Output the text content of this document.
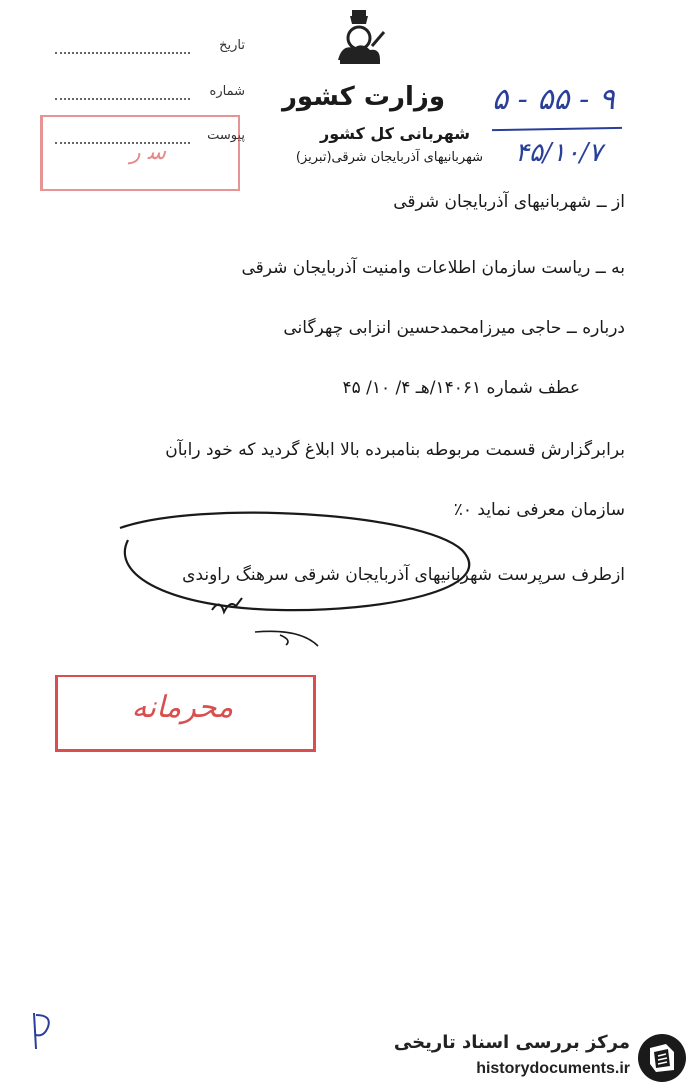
تاریخ
شماره
پیوست
وزارت کشور
شهربانی کل کشور
شهربانیهای آذربایجان شرقی(تبریز)
۵ - ۵۵ - ۹
۴۵/۱۰/۷
ﺳ ﺭ
از ــ شهربانیهای آذربایجان شرقی
به ــ ریاست سازمان اطلاعات وامنیت آذربایجان شرقی
درباره ــ حاجی میرزامحمدحسین انزابی چهرگانی
عطف شماره ۱۴۰۶۱/هـ ۴/ ۱۰/ ۴۵
برابرگزارش قسمت مربوطه بنامبرده بالا ابلاغ گردید که خود رابآن
سازمان معرفی نماید ٠٪
ازطرف سرپرست شهربانیهای آذربایجان شرقی سرهنگ راوندی
محرمانه
مرکز بررسی اسناد تاریخی
historydocuments.ir
